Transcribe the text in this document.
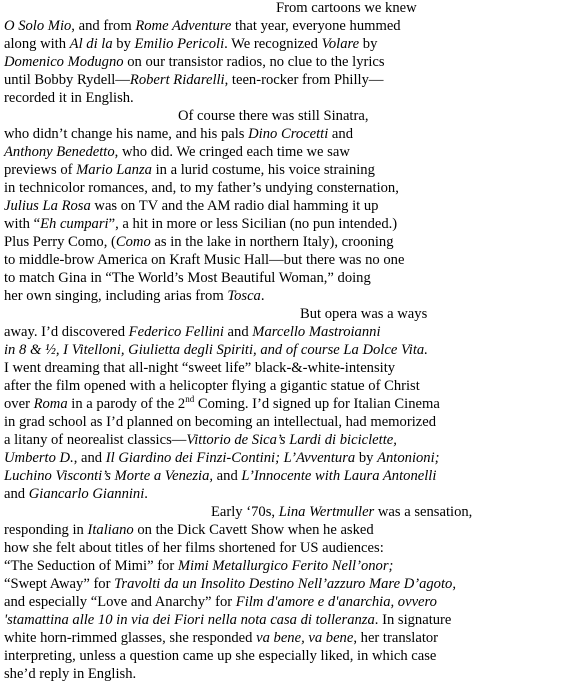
From cartoons we knew
O Solo Mio, and from Rome Adventure that year, everyone hummed
along with Al di la by Emilio Pericoli. We recognized Volare by
Domenico Modugno on our transistor radios, no clue to the lyrics
until Bobby Rydell—Robert Ridarelli, teen-rocker from Philly—
recorded it in English.
Of course there was still Sinatra,
who didn’t change his name, and his pals Dino Crocetti and
Anthony Benedetto, who did. We cringed each time we saw
previews of Mario Lanza in a lurid costume, his voice straining
in technicolor romances, and, to my father’s undying consternation,
Julius La Rosa was on TV and the AM radio dial hamming it up
with “Eh cumpari”, a hit in more or less Sicilian (no pun intended.)
Plus Perry Como, (Como as in the lake in northern Italy), crooning
to middle-brow America on Kraft Music Hall—but there was no one
to match Gina in “The World’s Most Beautiful Woman,” doing
her own singing, including arias from Tosca.
But opera was a ways
away. I’d discovered Federico Fellini and Marcello Mastroianni
in 8 & ½, I Vitelloni, Giulietta degli Spiriti, and of course La Dolce Vita.
I went dreaming that all-night “sweet life” black-&-white-intensity
after the film opened with a helicopter flying a gigantic statue of Christ
over Roma in a parody of the 2nd Coming. I’d signed up for Italian Cinema
in grad school as I’d planned on becoming an intellectual, had memorized
a litany of neorealist classics—Vittorio de Sica’s Lardi di biciclette,
Umberto D., and Il Giardino dei Finzi-Contini; L’Avventura by Antonioni;
Luchino Visconti’s Morte a Venezia, and L’Innocente with Laura Antonelli
and Giancarlo Giannini.
Early ‘70s, Lina Wertmuller was a sensation,
responding in Italiano on the Dick Cavett Show when he asked
how she felt about titles of her films shortened for US audiences:
“The Seduction of Mimi” for Mimi Metallurgico Ferito Nell’onor;
“Swept Away” for Travolti da un Insolito Destino Nell’azzuro Mare D’agoto,
and especially “Love and Anarchy” for Film d'amore e d'anarchia, ovvero
'stamattina alle 10 in via dei Fiori nella nota casa di tolleranza. In signature
white horn-rimmed glasses, she responded va bene, va bene, her translator
interpreting, unless a question came up she especially liked, in which case
she’d reply in English.
